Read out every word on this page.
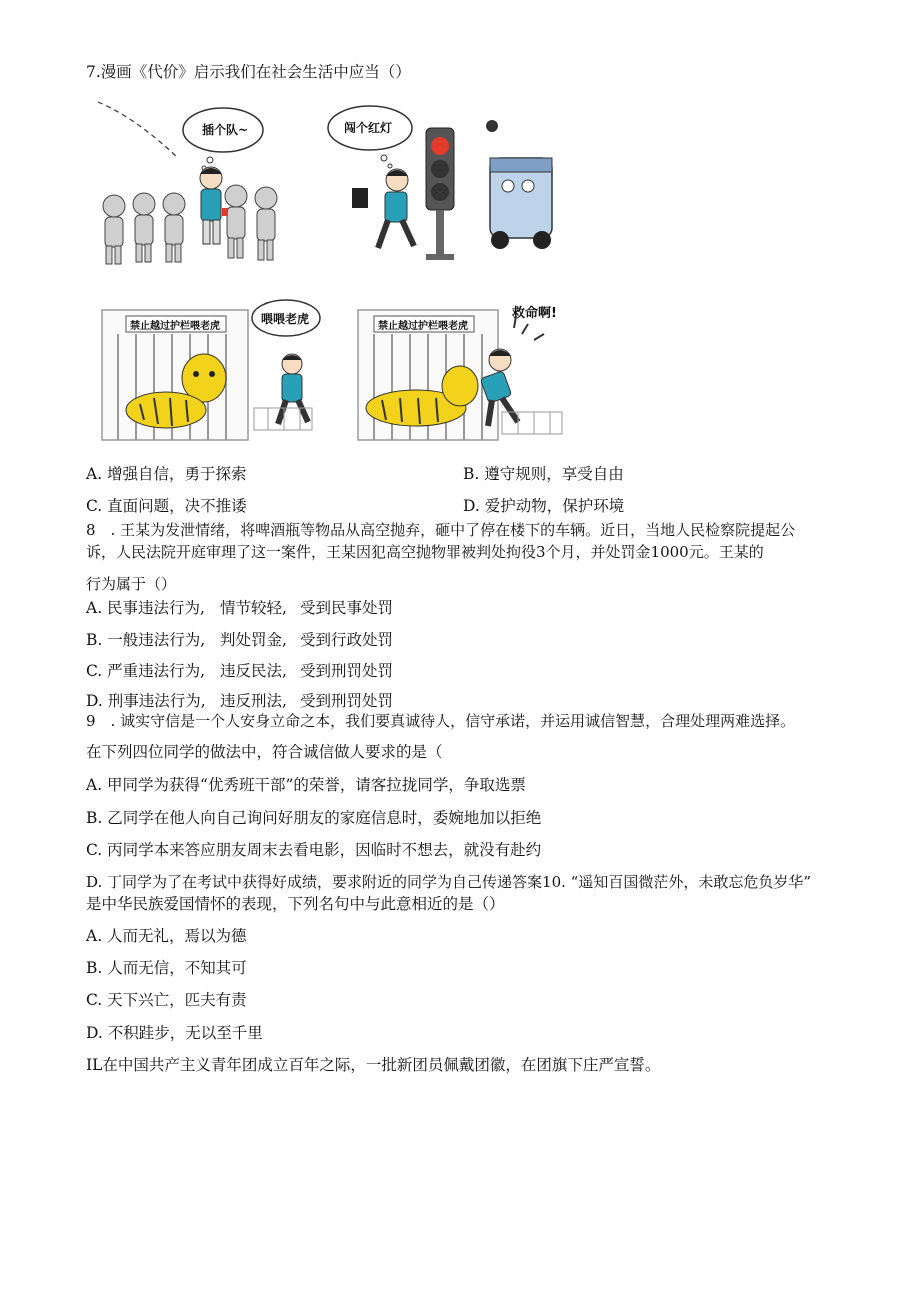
7.漫画《代价》启示我们在社会生活中应当（）
插个队~	闯个红灯
禁止越过护栏喂老虎
喂喂老虎
禁止越过护栏喂老虎
救命啊!
A. 增强自信，勇于探索	B. 遵守规则，享受自由
C. 直面问题，决不推诿	D. 爱护动物，保护环境
8　. 王某为发泄情绪，将啤酒瓶等物品从高空抛弃，砸中了停在楼下的车辆。近日，当地人民检察院提起公
诉，人民法院开庭审理了这一案件，王某因犯高空抛物罪被判处拘役3个月，并处罚金1000元。王某的
行为属于（）
A. 民事违法行为, 情节较轻, 受到民事处罚
B. 一般违法行为, 判处罚金, 受到行政处罚
C. 严重违法行为, 违反民法, 受到刑罚处罚
D. 刑事违法行为, 违反刑法, 受到刑罚处罚
9　. 诚实守信是一个人安身立命之本，我们要真诚待人，信守承诺，并运用诚信智慧，合理处理两难选择。
在下列四位同学的做法中，符合诚信做人要求的是（
A. 甲同学为获得“优秀班干部”的荣誉，请客拉拢同学，争取选票
B. 乙同学在他人向自己询问好朋友的家庭信息时，委婉地加以拒绝
C. 丙同学本来答应朋友周末去看电影，因临时不想去，就没有赴约
D. 丁同学为了在考试中获得好成绩，要求附近的同学为自己传递答案10. “遥知百国微茫外，未敢忘危负岁华”
是中华民族爱国情怀的表现，下列名句中与此意相近的是（）
A. 人而无礼，焉以为德
B. 人而无信，不知其可
C. 天下兴亡，匹夫有责
D. 不积跬步，无以至千里
IL在中国共产主义青年团成立百年之际，一批新团员佩戴团徽，在团旗下庄严宣誓。
